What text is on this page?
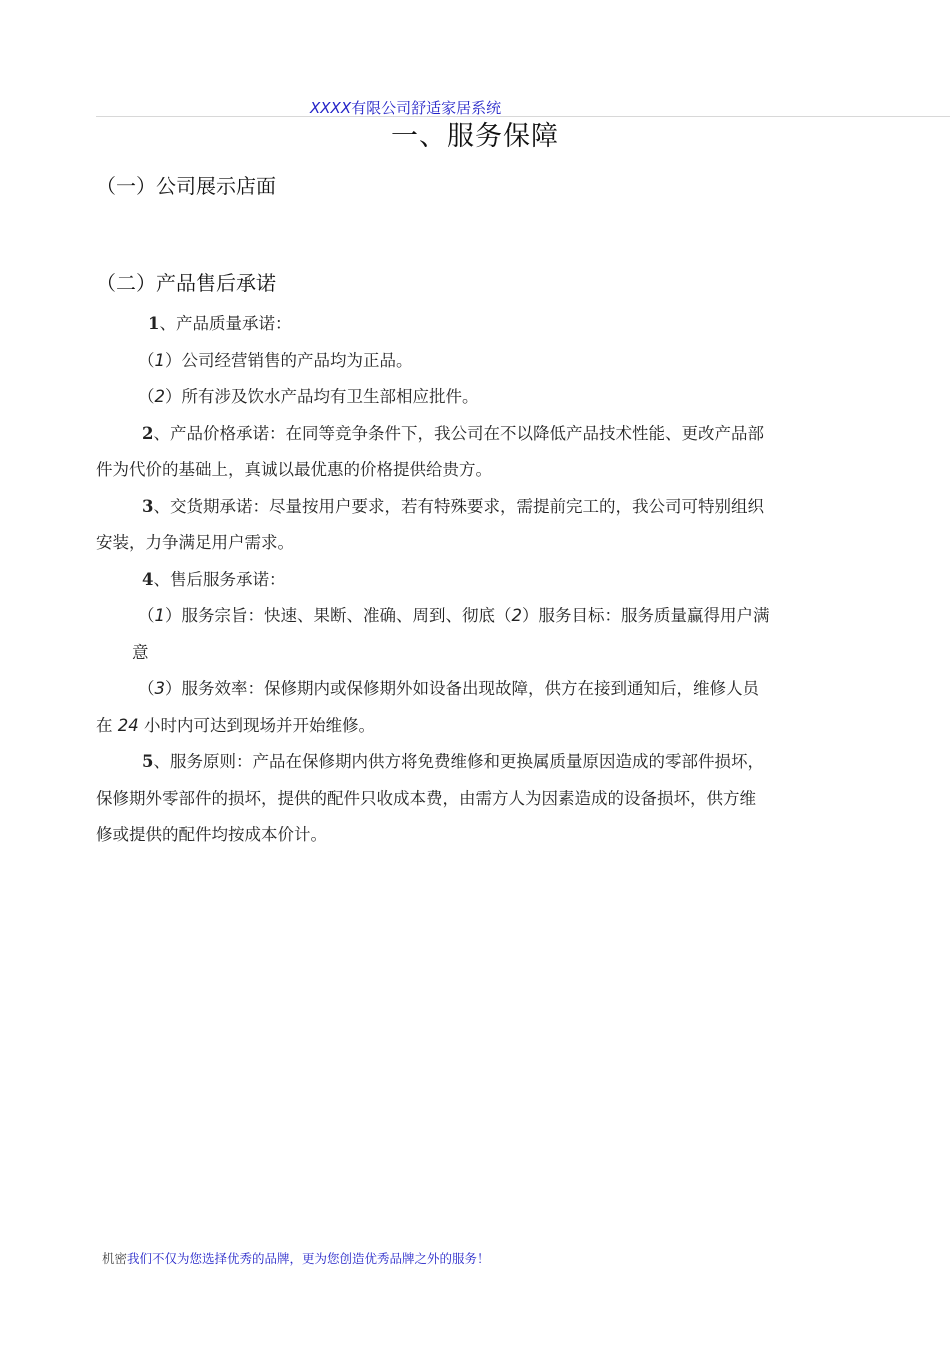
XXXX有限公司舒适家居系统
一、服务保障
（一）公司展示店面
（二）产品售后承诺

1、产品质量承诺：

（1）公司经营销售的产品均为正品。

（2）所有涉及饮水产品均有卫生部相应批件。

2、产品价格承诺：在同等竞争条件下，我公司在不以降低产品技术性能、更改产品部

件为代价的基础上，真诚以最优惠的价格提供给贵方。

3、交货期承诺：尽量按用户要求，若有特殊要求，需提前完工的，我公司可特别组织

安装，力争满足用户需求。

4、售后服务承诺：

（1）服务宗旨：快速、果断、准确、周到、彻底（2）服务目标：服务质量赢得用户满

意

（3）服务效率：保修期内或保修期外如设备出现故障，供方在接到通知后，维修人员

在 24 小时内可达到现场并开始维修。

5、服务原则：产品在保修期内供方将免费维修和更换属质量原因造成的零部件损坏，

保修期外零部件的损坏，提供的配件只收成本费，由需方人为因素造成的设备损坏，供方维

修或提供的配件均按成本价计。

机密我们不仅为您选择优秀的品牌，更为您创造优秀品牌之外的服务！
